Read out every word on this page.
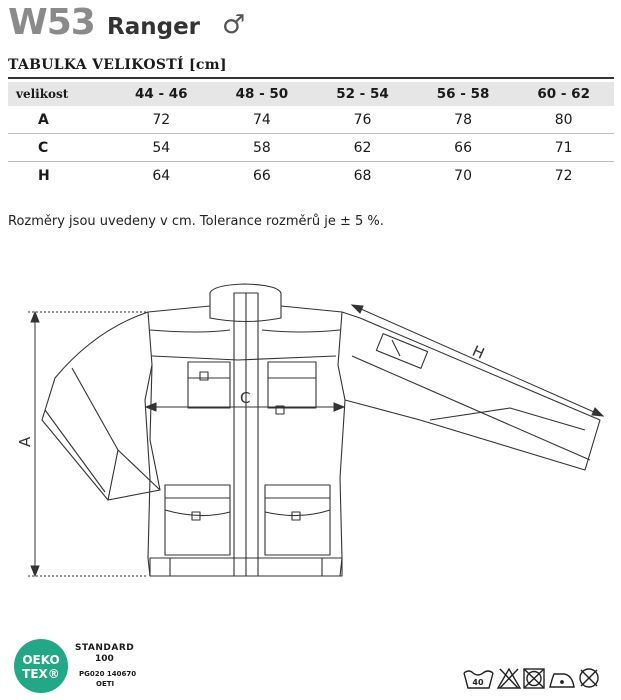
W53 Ranger ♂
TABULKA VELIKOSTÍ [cm]
velikost	44 - 46	48 - 50	52 - 54	56 - 58	60 - 62
A	72	74	76	78	80
C	54	58	62	66	71
H	64	66	68	70	72
Rozměry jsou uvedeny v cm. Tolerance rozměrů je ± 5 %.
A
C
H
OEKO
TEX®
STANDARD
100
PG020 140670
OETI	40
